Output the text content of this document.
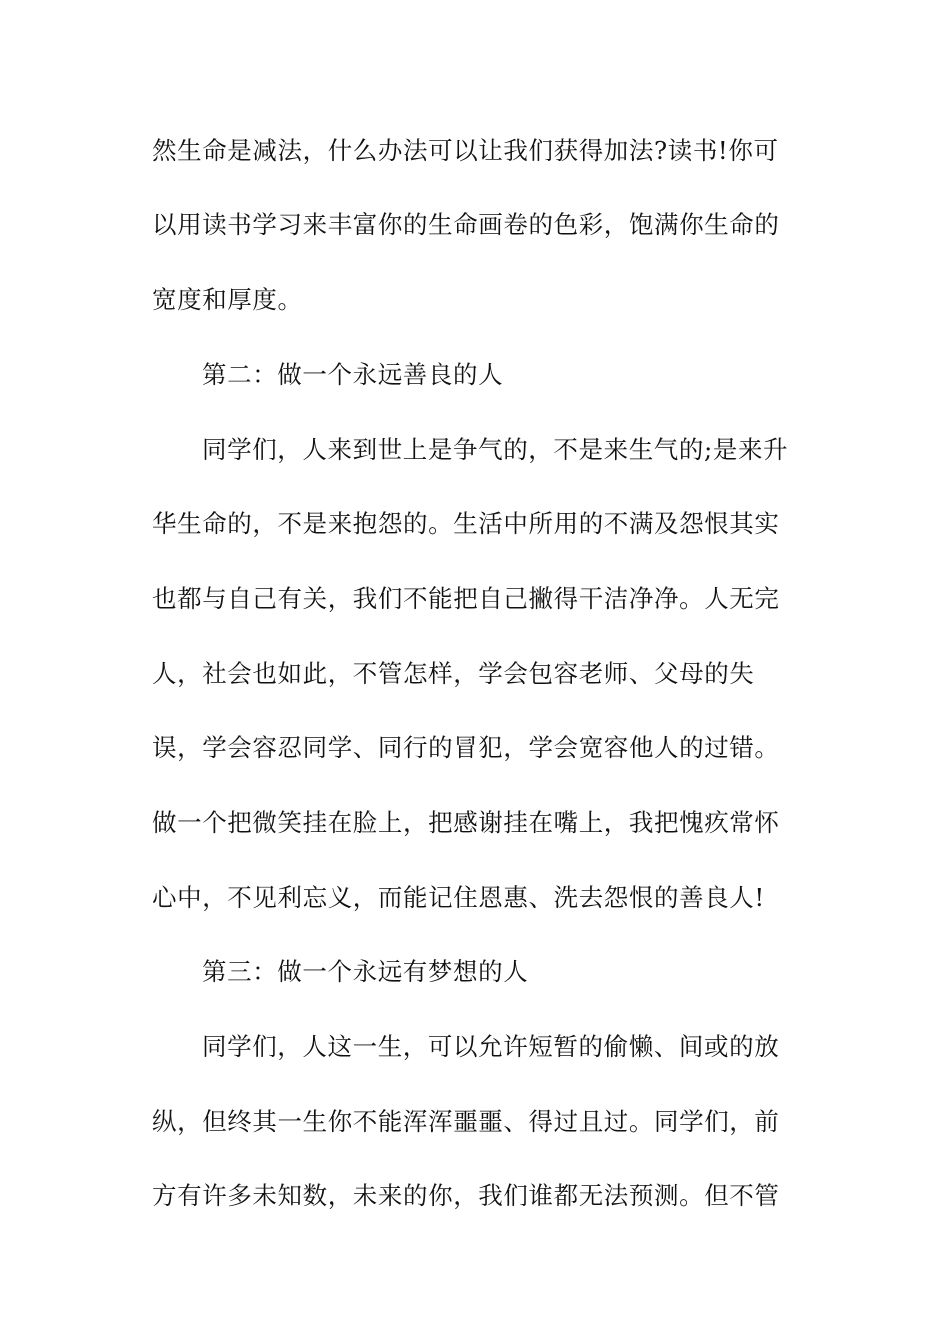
然生命是减法，什么办法可以让我们获得加法?读书!你可
以用读书学习来丰富你的生命画卷的色彩，饱满你生命的
宽度和厚度。
第二：做一个永远善良的人
同学们，人来到世上是争气的，不是来生气的;是来升
华生命的，不是来抱怨的。生活中所用的不满及怨恨其实
也都与自己有关，我们不能把自己撇得干洁净净。人无完
人，社会也如此，不管怎样，学会包容老师、父母的失
误，学会容忍同学、同行的冒犯，学会宽容他人的过错。
做一个把微笑挂在脸上，把感谢挂在嘴上，我把愧疚常怀
心中，不见利忘义，而能记住恩惠、洗去怨恨的善良人!
第三：做一个永远有梦想的人
同学们，人这一生，可以允许短暂的偷懒、间或的放
纵，但终其一生你不能浑浑噩噩、得过且过。同学们，前
方有许多未知数，未来的你，我们谁都无法预测。但不管
